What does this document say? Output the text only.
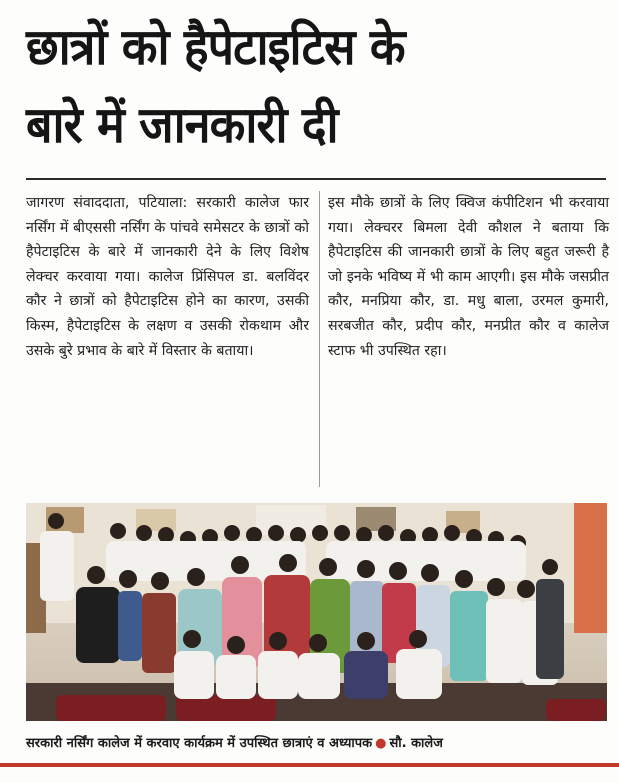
छात्रों को हैपेटाइटिस के
बारे में जानकारी दी
जागरण संवाददाता, पटियाला: सरकारी कालेज फार नर्सिंग में बीएससी नर्सिंग के पांचवे समेसटर के छात्रों को हैपेटाइटिस के बारे में जानकारी देने के लिए विशेष लेक्चर करवाया गया। कालेज प्रिंसिपल डा. बलविंदर कौर ने छात्रों को हैपेटाइटिस होने का कारण, उसकी किस्म, हैपेटाइटिस के लक्षण व उसकी रोकथाम और उसके बुरे प्रभाव के बारे में विस्तार के बताया।
इस मौके छात्रों के लिए क्विज कंपीटिशन भी करवाया गया। लेक्चरर बिमला देवी कौशल ने बताया कि हैपेटाइटिस की जानकारी छात्रों के लिए बहुत जरूरी है जो इनके भविष्य में भी काम आएगी। इस मौके जसप्रीत कौर, मनप्रिया कौर, डा. मधु बाला, उरमल कुमारी, सरबजीत कौर, प्रदीप कौर, मनप्रीत कौर व कालेज स्टाफ भी उपस्थित रहा।
सरकारी नर्सिंग कालेज में करवाए कार्यक्रम में उपस्थित छात्राएं व अध्यापक ● सौ. कालेज
